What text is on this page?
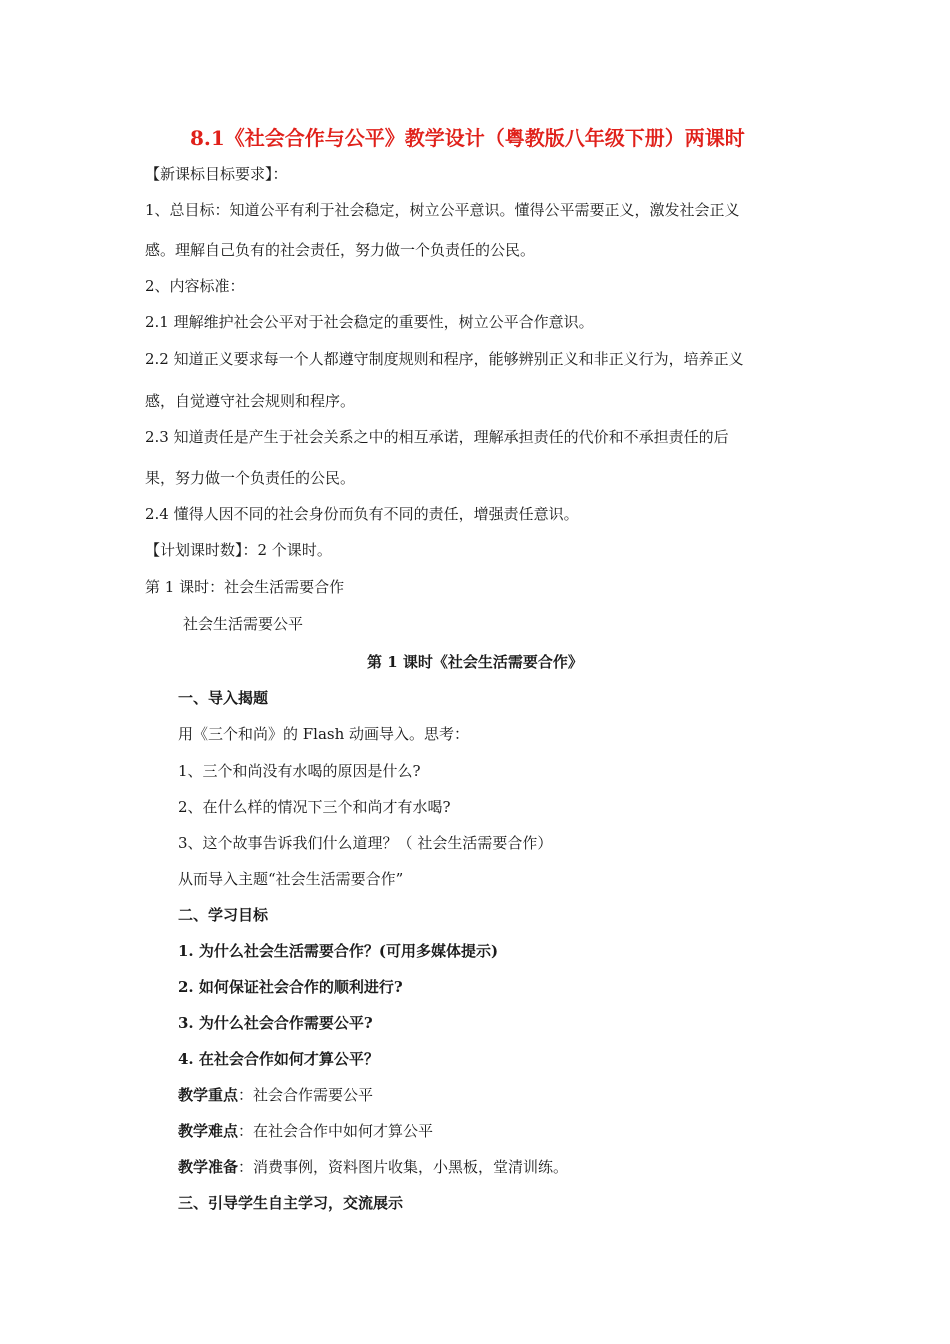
8.1《社会合作与公平》教学设计（粤教版八年级下册）两课时
【新课标目标要求】：
1、总目标：知道公平有利于社会稳定，树立公平意识。懂得公平需要正义，激发社会正义
感。理解自己负有的社会责任，努力做一个负责任的公民。
2、内容标准：
2.1 理解维护社会公平对于社会稳定的重要性，树立公平合作意识。
2.2 知道正义要求每一个人都遵守制度规则和程序，能够辨别正义和非正义行为，培养正义
感，自觉遵守社会规则和程序。
2.3 知道责任是产生于社会关系之中的相互承诺，理解承担责任的代价和不承担责任的后
果，努力做一个负责任的公民。
2.4 懂得人因不同的社会身份而负有不同的责任，增强责任意识。
【计划课时数】：2 个课时。
第 1 课时：社会生活需要合作
社会生活需要公平
第 1 课时《社会生活需要合作》
一、导入揭题
用《三个和尚》的 Flash 动画导入。思考：
1、三个和尚没有水喝的原因是什么?
2、在什么样的情况下三个和尚才有水喝?
3、这个故事告诉我们什么道理？（ 社会生活需要合作）
从而导入主题“社会生活需要合作”
二、学习目标
1. 为什么社会生活需要合作？(可用多媒体提示)
2. 如何保证社会合作的顺利进行?
3. 为什么社会合作需要公平?
4. 在社会合作如何才算公平？
教学重点：社会合作需要公平
教学难点：在社会合作中如何才算公平
教学准备：消费事例，资料图片收集，小黑板，堂清训练。
三、引导学生自主学习，交流展示
